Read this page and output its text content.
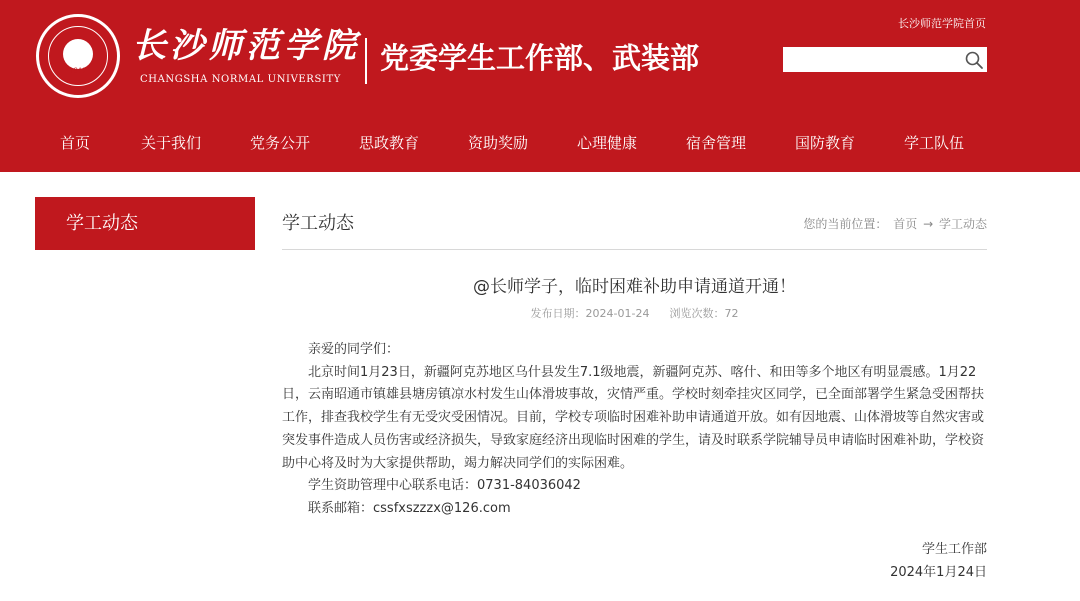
1912
长沙师范学院
CHANGSHA NORMAL UNIVERSITY
党委学生工作部、武装部
长沙师范学院首页
首页	关于我们	党务公开	思政教育	资助奖励	心理健康	宿舍管理	国防教育	学工队伍
学工动态	学工动态	您的当前位置： 首页 → 学工动态
@长师学子，临时困难补助申请通道开通！
发布日期：2024-01-24 浏览次数：72

亲爱的同学们：

北京时间1月23日，新疆阿克苏地区乌什县发生7.1级地震，新疆阿克苏、喀什、和田等多个地区有明显震感。1月22日，云南昭通市镇雄县塘房镇凉水村发生山体滑坡事故，灾情严重。学校时刻牵挂灾区同学，已全面部署学生紧急受困帮扶工作，排查我校学生有无受灾受困情况。目前，学校专项临时困难补助申请通道开放。如有因地震、山体滑坡等自然灾害或突发事件造成人员伤害或经济损失，导致家庭经济出现临时困难的学生，请及时联系学院辅导员申请临时困难补助，学校资助中心将及时为大家提供帮助，竭力解决同学们的实际困难。

学生资助管理中心联系电话：0731-84036042

联系邮箱：cssfxszzzx@126.com

学生工作部
2024年1月24日
